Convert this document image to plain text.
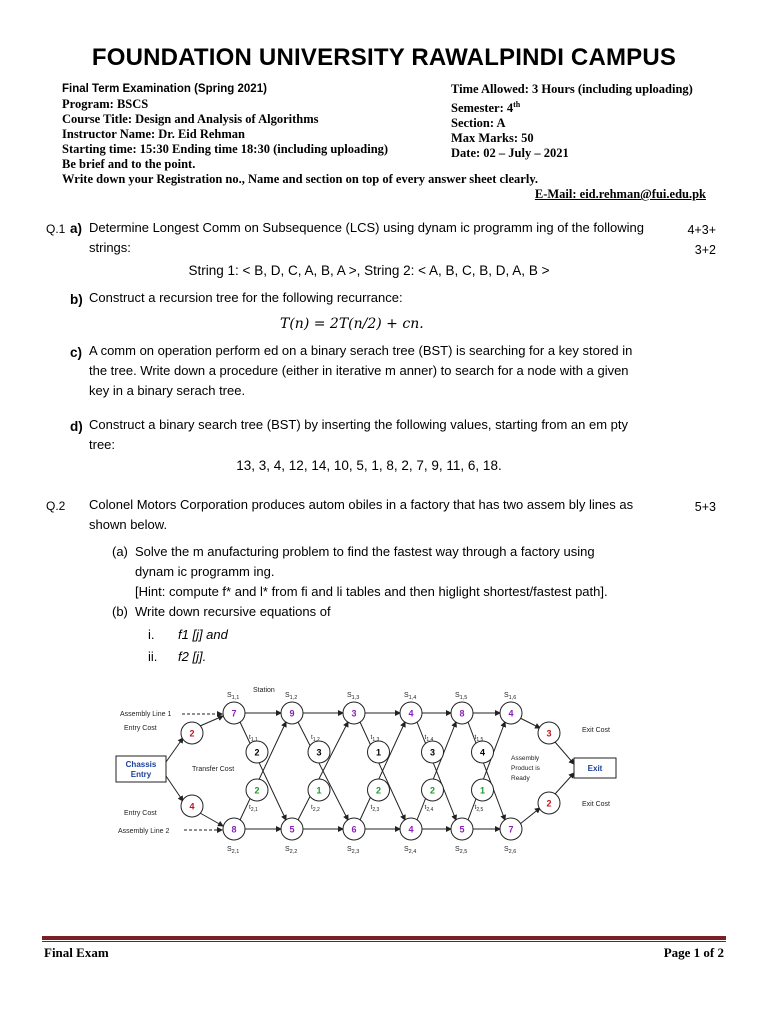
FOUNDATION UNIVERSITY RAWALPINDI CAMPUS
Final Term Examination (Spring 2021)
Program: BSCS
Course Title: Design and Analysis of Algorithms
Instructor Name: Dr. Eid Rehman
Starting time: 15:30 Ending time 18:30 (including uploading)
Be brief and to the point.
Write down your Registration no., Name and section on top of every answer sheet clearly.
Time Allowed: 3 Hours (including uploading)
Semester: 4th
Section: A
Max Marks: 50
Date: 02 – July – 2021
E-Mail: eid.rehman@fui.edu.pk
Q.1	4+3+
3+2
a) Determine Longest Comm on Subsequence (LCS) using dynam ic programm ing of the following
strings:
String 1: < B, D, C, A, B, A >, String 2: < A, B, C, B, D, A, B >
b) Construct a recursion tree for the following recurrance:
T(n) = 2T(n/2) + cn.
c) A comm on operation perform ed on a binary serach tree (BST) is searching for a key stored in
the tree. Write down a procedure (either in iterative m anner) to search for a node with a given
key in a binary serach tree.
d) Construct a binary search tree (BST) by inserting the following values, starting from an em pty
tree:
13, 3, 4, 12, 14, 10, 5, 1, 8, 2, 7, 9, 11, 6, 18.
Q.2	5+3
Colonel Motors Corporation produces autom obiles in a factory that has two assem bly lines as
shown below.
(a) Solve the m anufacturing problem to find the fastest way through a factory using
dynam ic programm ing.
[Hint: compute f* and l* from fi and li tables and then higlight shortest/fastest path].
(b) Write down recursive equations of
i. f1 [j] and
ii. f2 [j].
Chassis
Entry
Exit
2
4
3
2
7
8
$S_{1,1}$
$S_{2,1}$
9
5
$S_{1,2}$
$S_{2,2}$
3
6
$S_{1,3}$
$S_{2,3}$
4
4
$S_{1,4}$
$S_{2,4}$
8
5
$S_{1,5}$
$S_{2,5}$
4
7
$S_{1,6}$
$S_{2,6}$
2
2
$t_{1,1}$
$t_{2,1}$
3
1
$t_{1,2}$
$t_{2,2}$
1
2
$t_{1,3}$
$t_{2,3}$
3
2
$t_{1,4}$
$t_{2,4}$
4
1
$t_{1,5}$
$t_{2,5}$
Assembly Line 1
Entry Cost
Entry Cost
Assembly Line 2
Transfer Cost
Station
Assembly
Product is
Ready
Exit Cost
Exit Cost
Final Exam	Page 1 of 2
